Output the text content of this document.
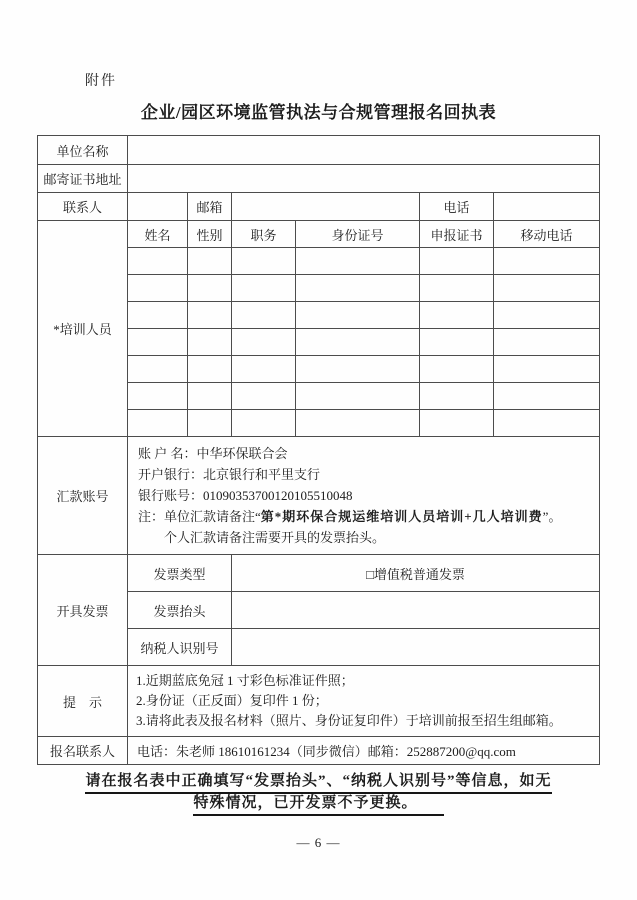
附件
企业/园区环境监管执法与合规管理报名回执表
单位名称						
邮寄证书地址						
联系人		邮箱			电话	
*培训人员	姓名	性别	职务	身份证号	申报证书	移动电话

汇款账号	账 户 名：中华环保联合会
开户银行：北京银行和平里支行
银行账号：01090353700120105510048
注：单位汇款请备注“第*期环保合规运维培训人员培训+几人培训费”。
个人汇款请备注需要开具的发票抬头。					

开具发票	发票类型		□增值税普通发票			
	发票抬头					
	纳税人识别号					
提　示	1.近期蓝底免冠 1 寸彩色标准证件照；
2.身份证（正反面）复印件 1 份；
3.请将此表及报名材料（照片、身份证复印件）于培训前报至招生组邮箱。					

报名联系人	电话：朱老师 18610161234（同步微信）邮箱：252887200@qq.com					
请在报名表中正确填写“发票抬头”、“纳税人识别号”等信息，如无
特殊情况，已开发票不予更换。
— 6 —
